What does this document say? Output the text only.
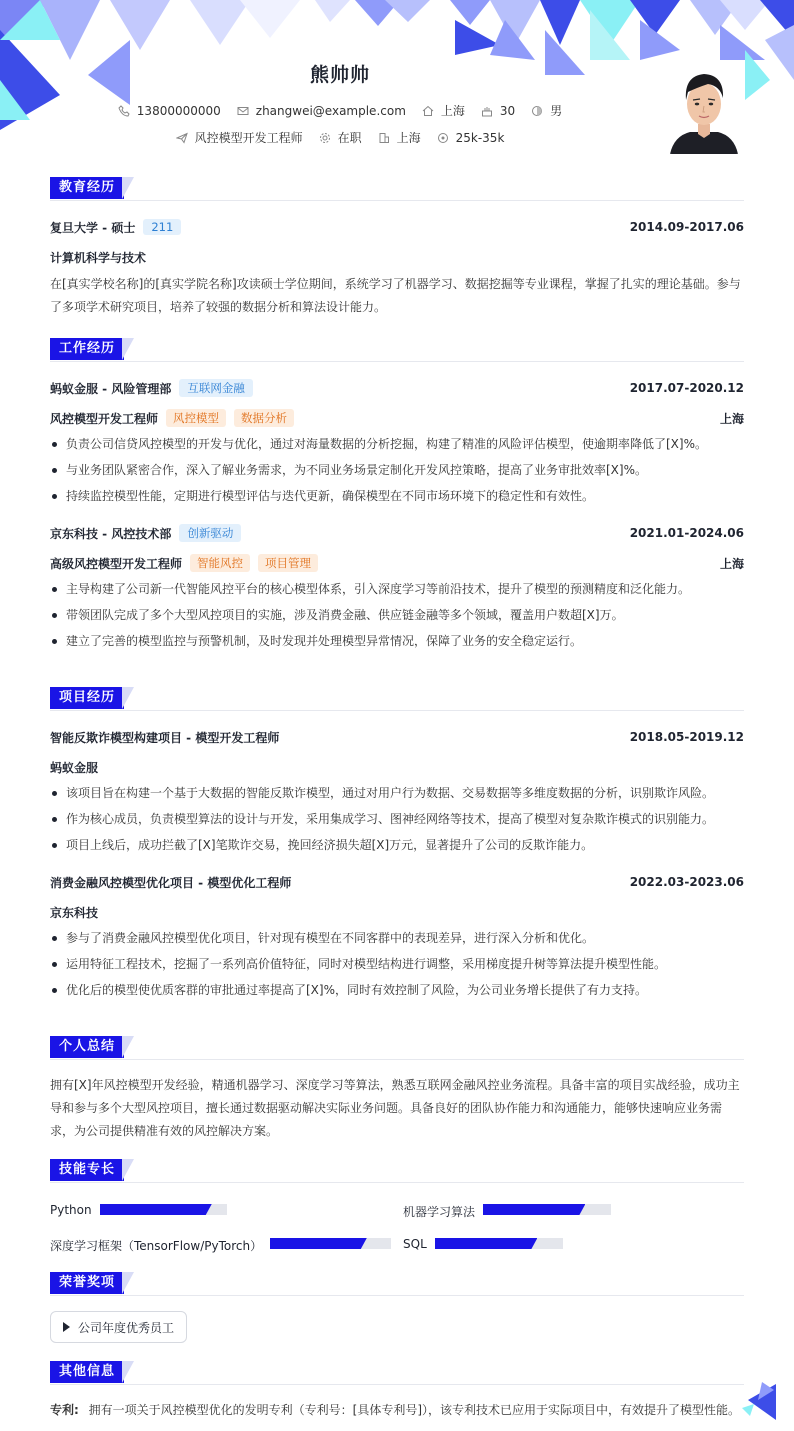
熊帅帅
13800000000	zhangwei@example.com	上海	30	男
风控模型开发工程师	在职	上海	25k-35k
教育经历
复旦大学 - 硕士	211	2014.09-2017.06
计算机科学与技术
在[真实学校名称]的[真实学院名称]攻读硕士学位期间，系统学习了机器学习、数据挖掘等专业课程，掌握了扎实的理论基础。参与了多项学术研究项目，培养了较强的数据分析和算法设计能力。
工作经历
蚂蚁金服 - 风险管理部	互联网金融	2017.07-2020.12
风控模型开发工程师	风控模型	数据分析	上海
负责公司信贷风控模型的开发与优化，通过对海量数据的分析挖掘，构建了精准的风险评估模型，使逾期率降低了[X]%。
与业务团队紧密合作，深入了解业务需求，为不同业务场景定制化开发风控策略，提高了业务审批效率[X]%。
持续监控模型性能，定期进行模型评估与迭代更新，确保模型在不同市场环境下的稳定性和有效性。
京东科技 - 风控技术部	创新驱动	2021.01-2024.06
高级风控模型开发工程师	智能风控	项目管理	上海
主导构建了公司新一代智能风控平台的核心模型体系，引入深度学习等前沿技术，提升了模型的预测精度和泛化能力。
带领团队完成了多个大型风控项目的实施，涉及消费金融、供应链金融等多个领域，覆盖用户数超[X]万。
建立了完善的模型监控与预警机制，及时发现并处理模型异常情况，保障了业务的安全稳定运行。
项目经历
智能反欺诈模型构建项目 - 模型开发工程师	2018.05-2019.12
蚂蚁金服
该项目旨在构建一个基于大数据的智能反欺诈模型，通过对用户行为数据、交易数据等多维度数据的分析，识别欺诈风险。
作为核心成员，负责模型算法的设计与开发，采用集成学习、图神经网络等技术，提高了模型对复杂欺诈模式的识别能力。
项目上线后，成功拦截了[X]笔欺诈交易，挽回经济损失超[X]万元，显著提升了公司的反欺诈能力。
消费金融风控模型优化项目 - 模型优化工程师	2022.03-2023.06
京东科技
参与了消费金融风控模型优化项目，针对现有模型在不同客群中的表现差异，进行深入分析和优化。
运用特征工程技术，挖掘了一系列高价值特征，同时对模型结构进行调整，采用梯度提升树等算法提升模型性能。
优化后的模型使优质客群的审批通过率提高了[X]%，同时有效控制了风险，为公司业务增长提供了有力支持。
个人总结
拥有[X]年风控模型开发经验，精通机器学习、深度学习等算法，熟悉互联网金融风控业务流程。具备丰富的项目实战经验，成功主导和参与多个大型风控项目，擅长通过数据驱动解决实际业务问题。具备良好的团队协作能力和沟通能力，能够快速响应业务需求，为公司提供精准有效的风控解决方案。
技能专长
Python	机器学习算法
深度学习框架（TensorFlow/PyTorch）	SQL
荣誉奖项
公司年度优秀员工
其他信息
专利: 拥有一项关于风控模型优化的发明专利（专利号：[具体专利号]），该专利技术已应用于实际项目中，有效提升了模型性能。
